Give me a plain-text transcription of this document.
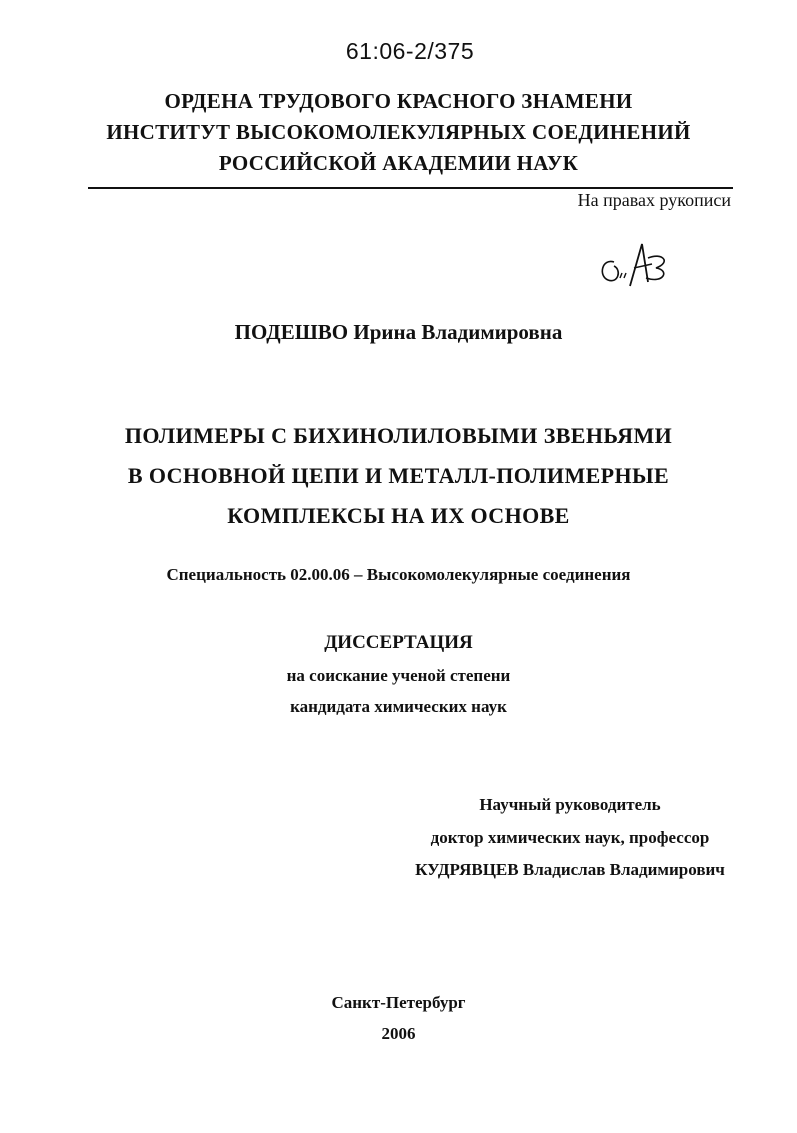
61:06-2/375
ОРДЕНА ТРУДОВОГО КРАСНОГО ЗНАМЕНИ
ИНСТИТУТ ВЫСОКОМОЛЕКУЛЯРНЫХ СОЕДИНЕНИЙ
РОССИЙСКОЙ АКАДЕМИИ НАУК
На правах рукописи
ПОДЕШВО Ирина Владимировна
ПОЛИМЕРЫ С БИХИНОЛИЛОВЫМИ ЗВЕНЬЯМИ
В ОСНОВНОЙ ЦЕПИ И МЕТАЛЛ-ПОЛИМЕРНЫЕ
КОМПЛЕКСЫ НА ИХ ОСНОВЕ
Специальность 02.00.06 – Высокомолекулярные соединения
ДИССЕРТАЦИЯ
на соискание ученой степени
кандидата химических наук
Научный руководитель
доктор химических наук, профессор
КУДРЯВЦЕВ Владислав Владимирович
Санкт-Петербург
2006
